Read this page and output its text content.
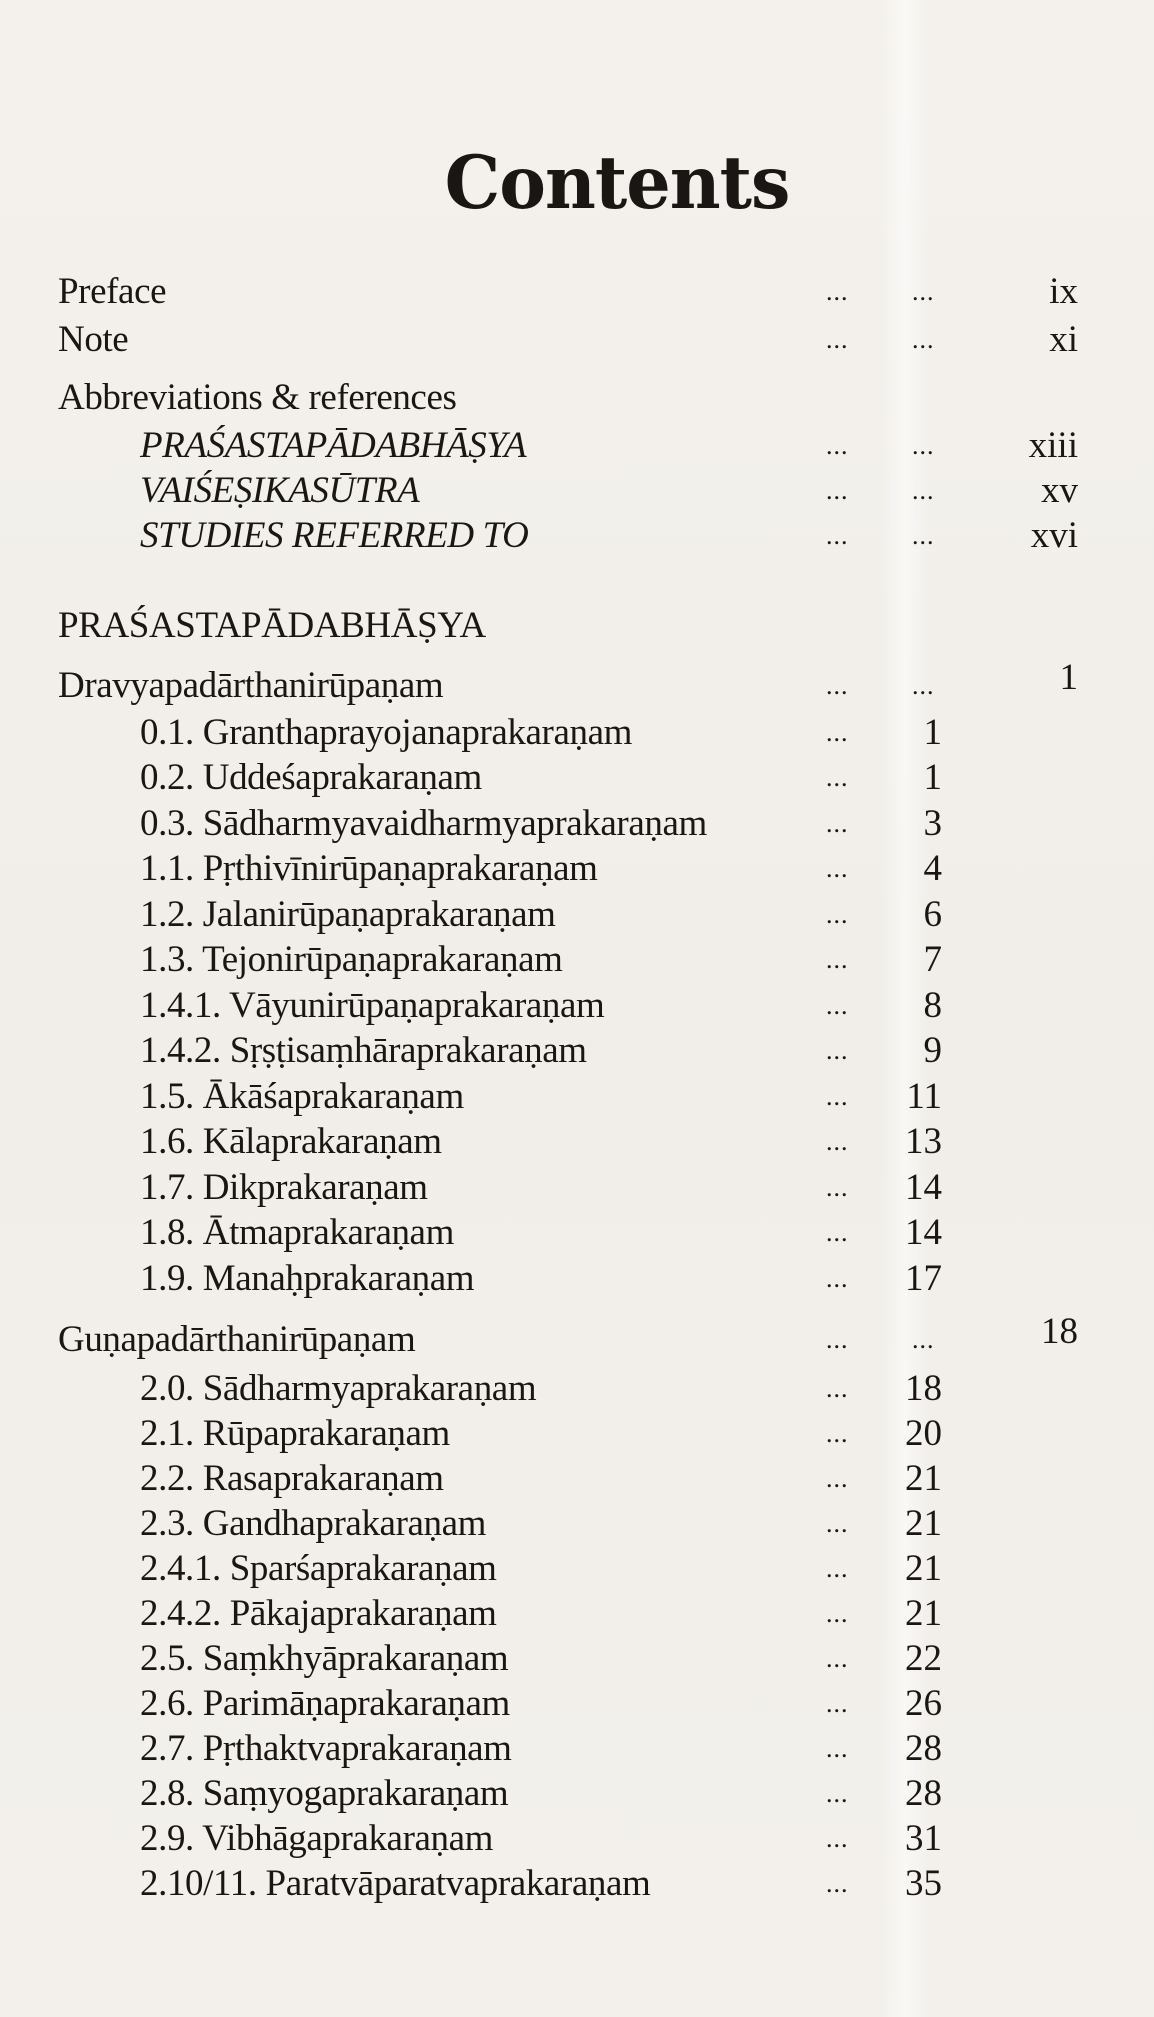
Contents
Preface	... ...	ix
Note	... ...	xi
Abbreviations & references
PRAŚASTAPĀDABHĀṢYA	... ...	xiii
VAIŚEṢIKASŪTRA	... ...	xv
STUDIES REFERRED TO	... ...	xvi
PRAŚASTAPĀDABHĀṢYA
Dravyapadārthanirūpaṇam	... ...	1
0.1. Granthaprayojanaprakaraṇam	...	1
0.2. Uddeśaprakaraṇam	...	1
0.3. Sādharmyavaidharmyaprakaraṇam	...	3
1.1. Pṛthivīnirūpaṇaprakaraṇam	...	4
1.2. Jalanirūpaṇaprakaraṇam	...	6
1.3. Tejonirūpaṇaprakaraṇam	...	7
1.4.1. Vāyunirūpaṇaprakaraṇam	...	8
1.4.2. Sṛṣṭisaṃhāraprakaraṇam	...	9
1.5. Ākāśaprakaraṇam	...	11
1.6. Kālaprakaraṇam	...	13
1.7. Dikprakaraṇam	...	14
1.8. Ātmaprakaraṇam	...	14
1.9. Manaḥprakaraṇam	...	17
Guṇapadārthanirūpaṇam	... ...	18
2.0. Sādharmyaprakaraṇam	...	18
2.1. Rūpaprakaraṇam	...	20
2.2. Rasaprakaraṇam	...	21
2.3. Gandhaprakaraṇam	...	21
2.4.1. Sparśaprakaraṇam	...	21
2.4.2. Pākajaprakaraṇam	...	21
2.5. Saṃkhyāprakaraṇam	...	22
2.6. Parimāṇaprakaraṇam	...	26
2.7. Pṛthaktvaprakaraṇam	...	28
2.8. Saṃyogaprakaraṇam	...	28
2.9. Vibhāgaprakaraṇam	...	31
2.10/11. Paratvāparatvaprakaraṇam	...	35
